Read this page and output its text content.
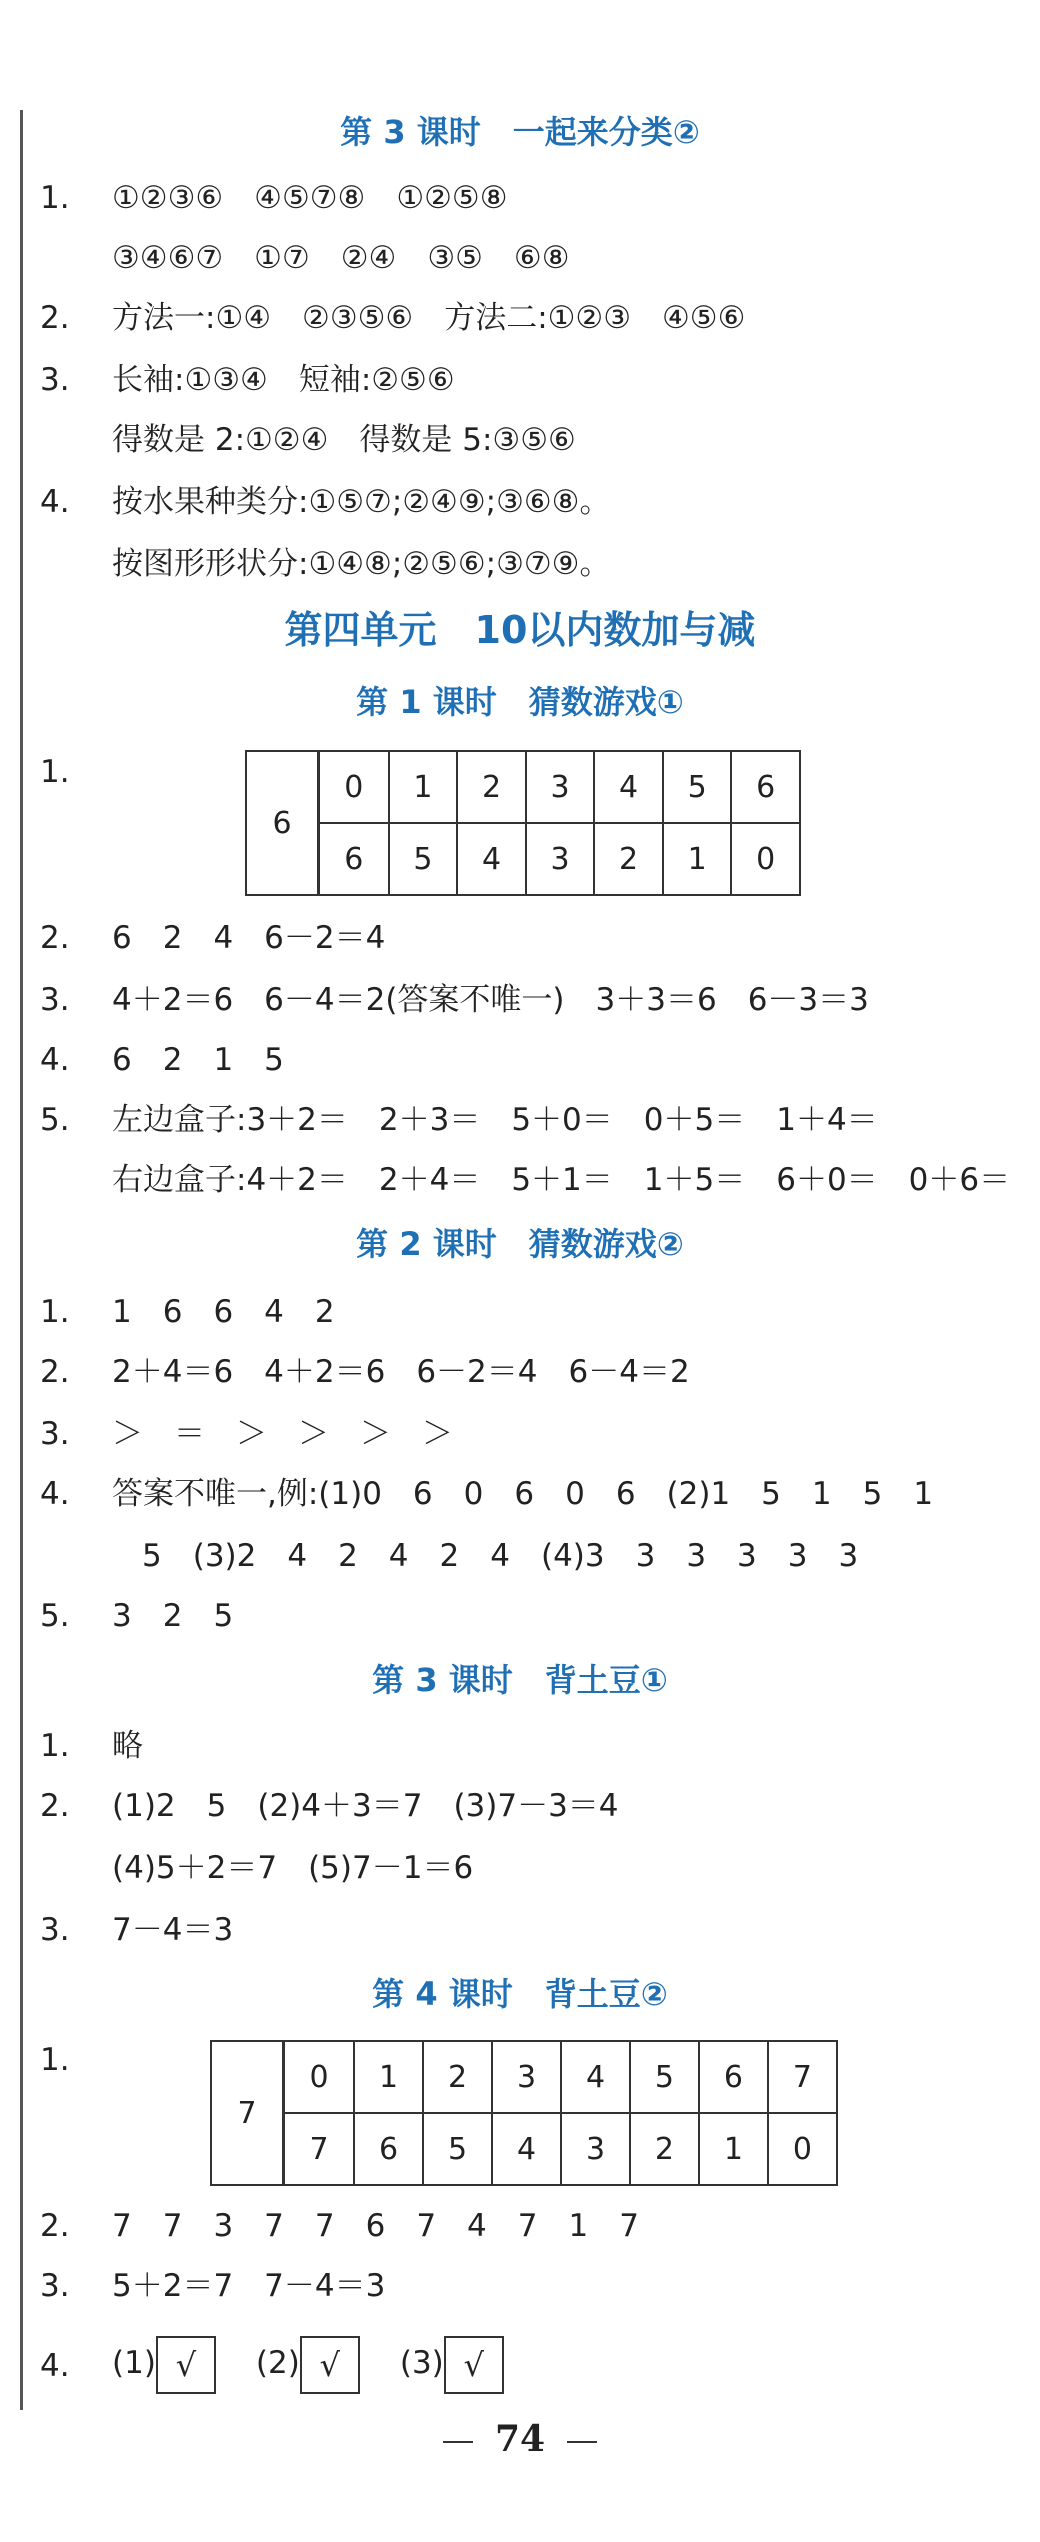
第 3 课时　一起来分类②
1. ①②③⑥　④⑤⑦⑧　①②⑤⑧
③④⑥⑦　①⑦　②④　③⑤　⑥⑧
2. 方法一:①④　②③⑤⑥　方法二:①②③　④⑤⑥
3. 长袖:①③④　短袖:②⑤⑥
得数是 2:①②④　得数是 5:③⑤⑥
4. 按水果种类分:①⑤⑦;②④⑨;③⑥⑧。
按图形形状分:①④⑧;②⑤⑥;③⑦⑨。
第四单元　10以内数加与减
第 1 课时　猜数游戏①
1.
6	0	1	2	3	4	5	6
	6	5	4	3	2	1	0
2. 6　2　4　6－2＝4
3. 4＋2＝6　6－4＝2(答案不唯一)　3＋3＝6　6－3＝3
4. 6　2　1　5
5. 左边盒子:3＋2＝　2＋3＝　5＋0＝　0＋5＝　1＋4＝
右边盒子:4＋2＝　2＋4＝　5＋1＝　1＋5＝　6＋0＝　0＋6＝
第 2 课时　猜数游戏②
1. 1　6　6　4　2
2. 2＋4＝6　4＋2＝6　6－2＝4　6－4＝2
3. ＞　＝　＞　＞　＞　＞
4. 答案不唯一,例:(1)0　6　0　6　0　6　(2)1　5　1　5　1
5　(3)2　4　2　4　2　4　(4)3　3　3　3　3　3
5. 3　2　5
第 3 课时　背土豆①
1. 略
2. (1)2　5　(2)4＋3＝7　(3)7－3＝4
(4)5＋2＝7　(5)7－1＝6
3. 7－4＝3
第 4 课时　背土豆②
1.
7	0	1	2	3	4	5	6	7
	7	6	5	4	3	2	1	0
2. 7　7　3　7　7　6　7　4　7　1　7
3. 5＋2＝7　7－4＝3
4. (1) √ (2) √ (3) √
74
